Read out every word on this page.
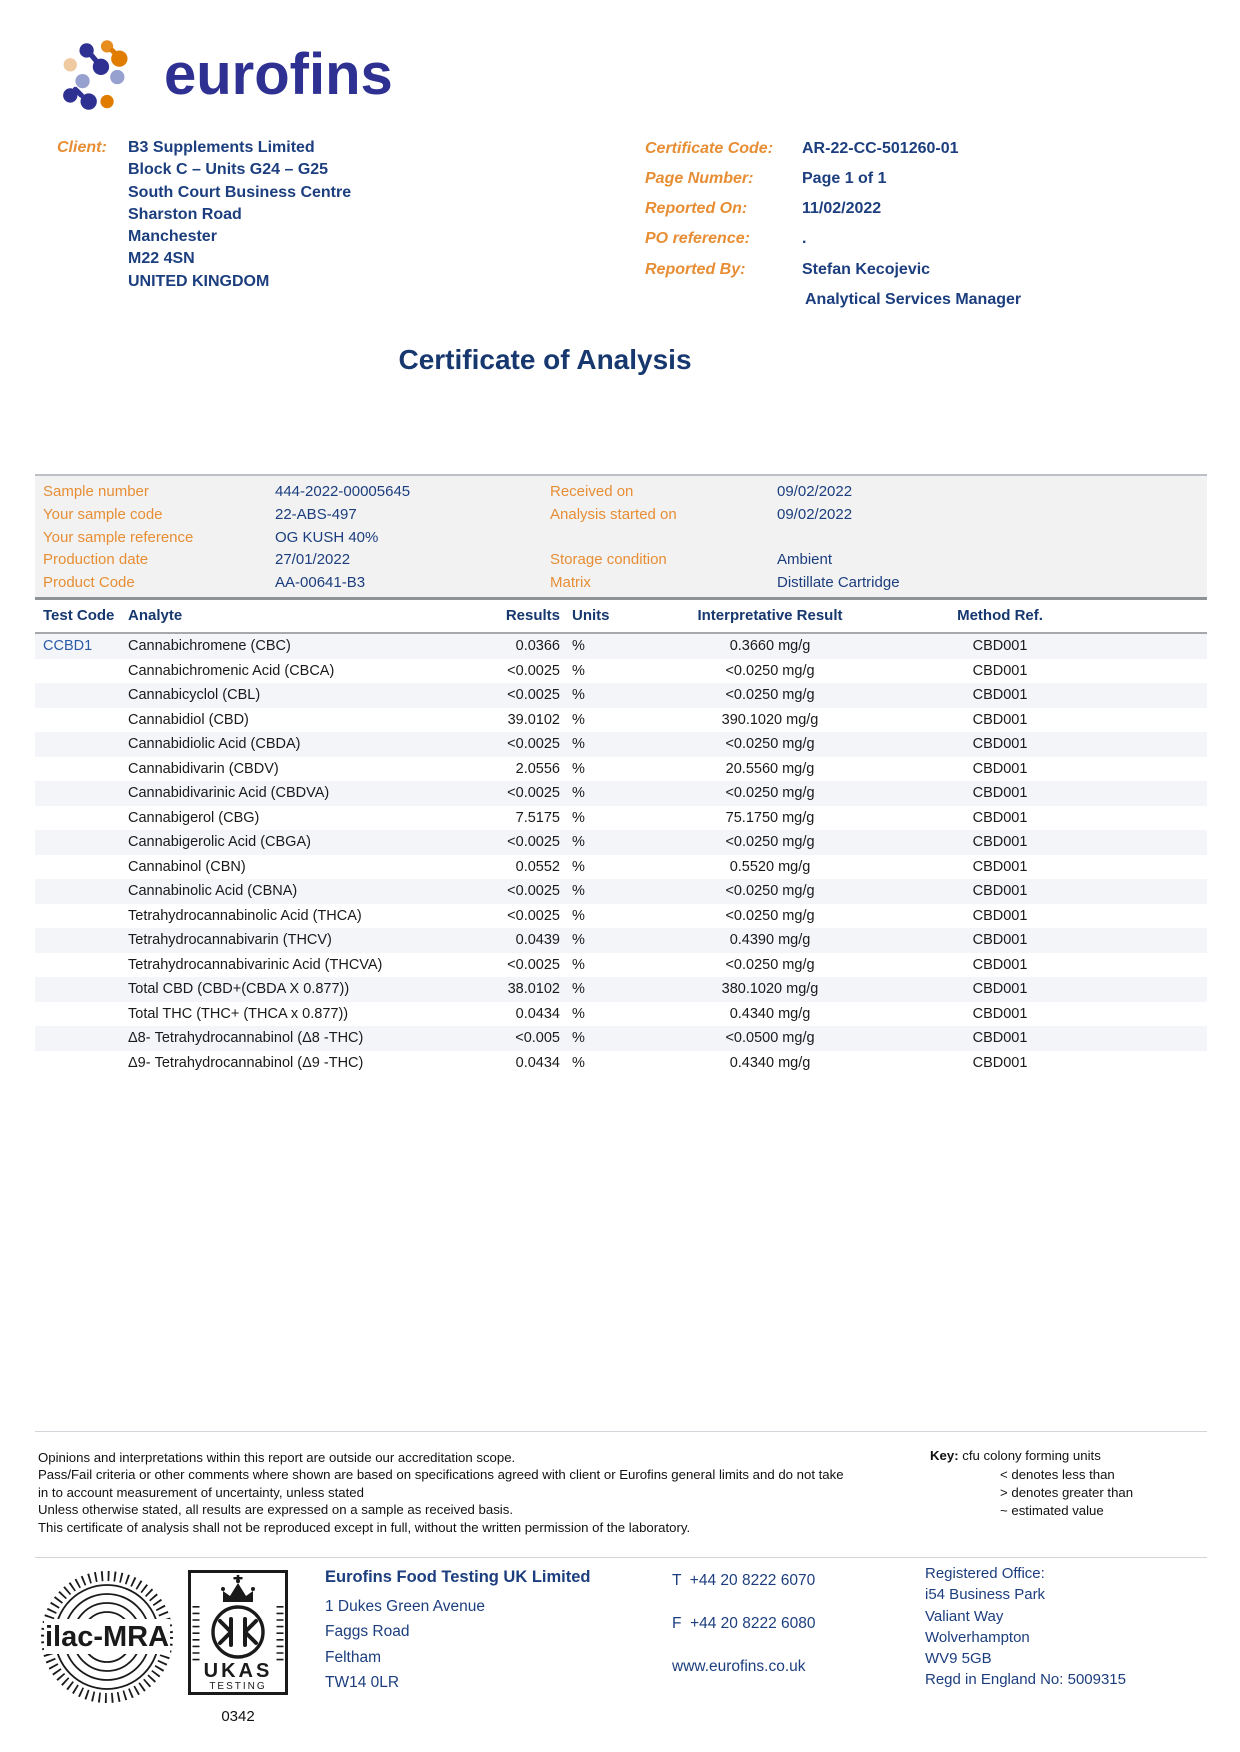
eurofins
Client: B3 Supplements Limited
Block C – Units G24 – G25
South Court Business Centre
Sharston Road
Manchester
M22 4SN
UNITED KINGDOM
Certificate Code:	AR-22-CC-501260-01
Page Number:	Page 1 of 1
Reported On:	11/02/2022
PO reference:	.
Reported By:	Stefan Kecojevic
Analytical Services Manager
Certificate of Analysis
Sample number	444-2022-00005645	Received on	09/02/2022
Your sample code	22-ABS-497	Analysis started on	09/02/2022
Your sample reference	OG KUSH 40%
Production date	27/01/2022	Storage condition	Ambient
Product Code	AA-00641-B3	Matrix	Distillate Cartridge
Test Code Analyte	Results Units	Interpretative Result	Method Ref.
CCBD1	Cannabichromene (CBC)	0.0366 %	0.3660 mg/g	CBD001
Cannabichromenic Acid (CBCA)	<0.0025 %	<0.0250 mg/g	CBD001
Cannabicyclol (CBL)	<0.0025 %	<0.0250 mg/g	CBD001
Cannabidiol (CBD)	39.0102 %	390.1020 mg/g	CBD001
Cannabidiolic Acid (CBDA)	<0.0025 %	<0.0250 mg/g	CBD001
Cannabidivarin (CBDV)	2.0556 %	20.5560 mg/g	CBD001
Cannabidivarinic Acid (CBDVA)	<0.0025 %	<0.0250 mg/g	CBD001
Cannabigerol (CBG)	7.5175 %	75.1750 mg/g	CBD001
Cannabigerolic Acid (CBGA)	<0.0025 %	<0.0250 mg/g	CBD001
Cannabinol (CBN)	0.0552 %	0.5520 mg/g	CBD001
Cannabinolic Acid (CBNA)	<0.0025 %	<0.0250 mg/g	CBD001
Tetrahydrocannabinolic Acid (THCA)	<0.0025 %	<0.0250 mg/g	CBD001
Tetrahydrocannabivarin (THCV)	0.0439 %	0.4390 mg/g	CBD001
Tetrahydrocannabivarinic Acid (THCVA)	<0.0025 %	<0.0250 mg/g	CBD001
Total CBD (CBD+(CBDA X 0.877))	38.0102 %	380.1020 mg/g	CBD001
Total THC (THC+ (THCA x 0.877))	0.0434 %	0.4340 mg/g	CBD001
Δ8- Tetrahydrocannabinol (Δ8 -THC)	<0.005 %	<0.0500 mg/g	CBD001
Δ9- Tetrahydrocannabinol (Δ9 -THC)	0.0434 %	0.4340 mg/g	CBD001
Opinions and interpretations within this report are outside our accreditation scope.
Pass/Fail criteria or other comments where shown are based on specifications agreed with client or Eurofins general limits and do not take in to account measurement of uncertainty, unless stated
Unless otherwise stated, all results are expressed on a sample as received basis.
This certificate of analysis shall not be reproduced except in full, without the written permission of the laboratory.
Key: cfu colony forming units
< denotes less than
> denotes greater than
~ estimated value
ilac-MRA
UKAS
TESTING
0342
Eurofins Food Testing UK Limited
1 Dukes Green Avenue
Faggs Road
Feltham
TW14 0LR

T  +44 20 8222 6070

F  +44 20 8222 6080

www.eurofins.co.uk

Registered Office:
i54 Business Park
Valiant Way
Wolverhampton
WV9 5GB
Regd in England No: 5009315
